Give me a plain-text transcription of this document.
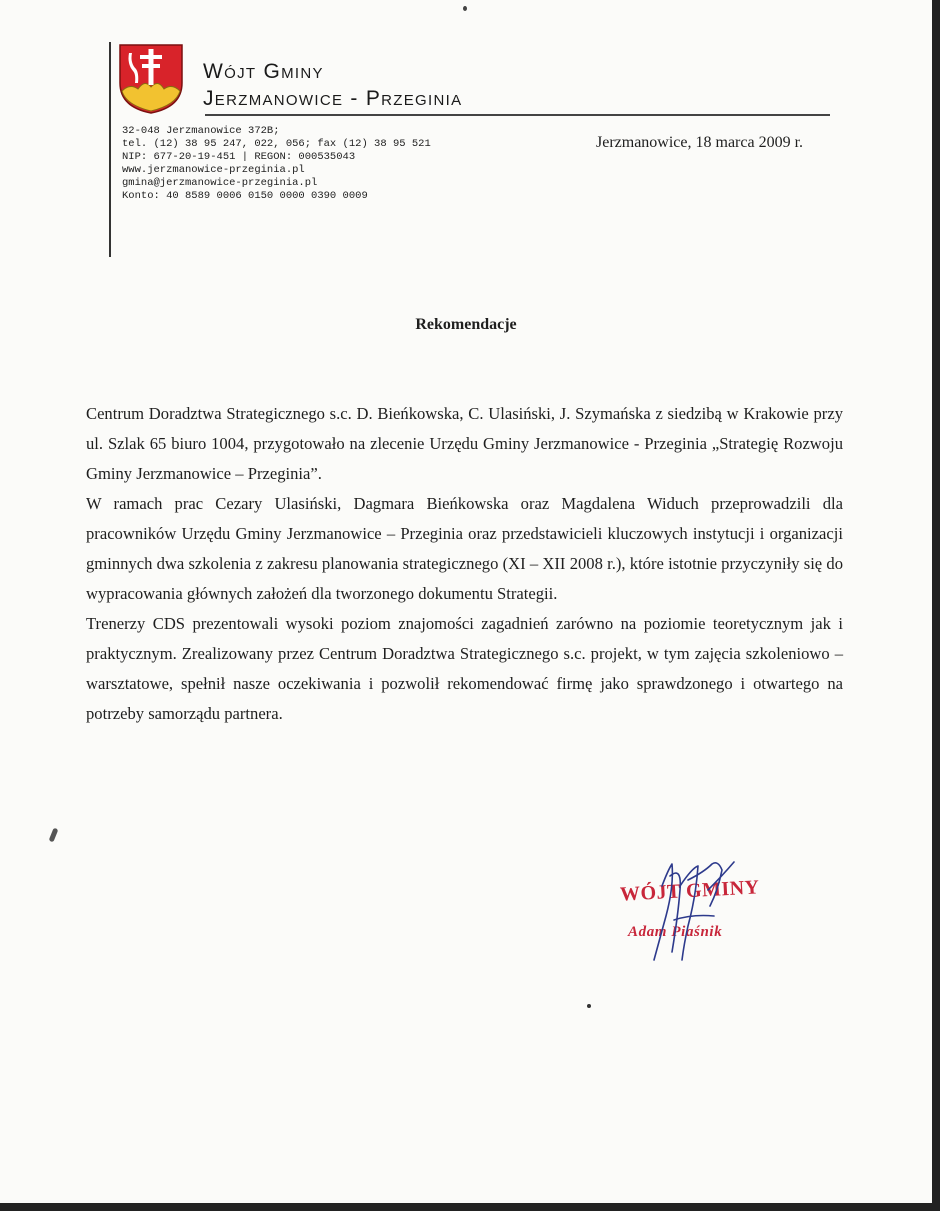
Wójt Gminy
Jerzmanowice - Przeginia
32-048 Jerzmanowice 372B;
tel. (12) 38 95 247, 022, 056; fax (12) 38 95 521
NIP: 677-20-19-451 | REGON: 000535043
www.jerzmanowice-przeginia.pl
gmina@jerzmanowice-przeginia.pl
Konto: 40 8589 0006 0150 0000 0390 0009
Jerzmanowice, 18 marca 2009 r.
Rekomendacje

Centrum Doradztwa Strategicznego s.c. D. Bieńkowska, C. Ulasiński, J. Szymańska z siedzibą w Krakowie przy ul. Szlak 65 biuro 1004, przygotowało na zlecenie Urzędu Gminy Jerzmanowice - Przeginia „Strategię Rozwoju Gminy Jerzmanowice – Przeginia”.

W ramach prac Cezary Ulasiński, Dagmara Bieńkowska oraz Magdalena Widuch przeprowadzili dla pracowników Urzędu Gminy Jerzmanowice – Przeginia oraz przedstawicieli kluczowych instytucji i organizacji gminnych dwa szkolenia z zakresu planowania strategicznego (XI – XII 2008 r.), które istotnie przyczyniły się do wypracowania głównych założeń dla tworzonego dokumentu Strategii.

Trenerzy CDS prezentowali wysoki poziom znajomości zagadnień zarówno na poziomie teoretycznym jak i praktycznym. Zrealizowany przez Centrum Doradztwa Strategicznego s.c. projekt, w tym zajęcia szkoleniowo – warsztatowe, spełnił nasze oczekiwania i pozwolił rekomendować firmę jako sprawdzonego i otwartego na potrzeby samorządu partnera.

WÓJT GMINY
Adam Piaśnik
